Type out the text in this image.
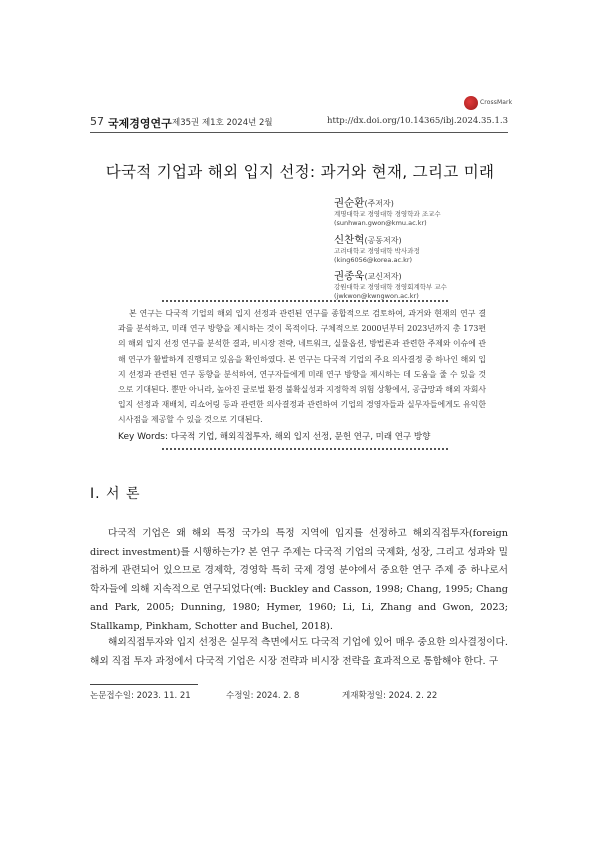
57 국제경영연구 제35권 제1호 2024년 2월	http://dx.doi.org/10.14365/ibj.2024.35.1.3
CrossMark
다국적 기업과 해외 입지 선정: 과거와 현재, 그리고 미래
권순환(주저자)
계명대학교 경영대학 경영학과 조교수
(sunhwan.gwon@kmu.ac.kr)
신찬혁(공동저자)
고려대학교 경영대학 박사과정
(king6056@korea.ac.kr)
권종욱(교신저자)
강원대학교 경영대학 경영회계학부 교수
(jwkwon@kwngwon.ac.kr)
본 연구는 다국적 기업의 해외 입지 선정과 관련된 연구를 종합적으로 검토하여, 과거와 현재의 연구 결과를 분석하고, 미래 연구 방향을 제시하는 것이 목적이다. 구체적으로 2000년부터 2023년까지 총 173편의 해외 입지 선정 연구를 분석한 결과, 비시장 전략, 네트워크, 실물옵션, 방법론과 관련한 주제와 이슈에 관해 연구가 활발하게 진행되고 있음을 확인하였다. 본 연구는 다국적 기업의 주요 의사결정 중 하나인 해외 입지 선정과 관련된 연구 동향을 분석하여, 연구자들에게 미래 연구 방향을 제시하는 데 도움을 줄 수 있을 것으로 기대된다. 뿐만 아니라, 높아진 글로벌 환경 불확실성과 지정학적 위험 상황에서, 공급망과 해외 자회사 입지 선정과 재배치, 리쇼어링 등과 관련한 의사결정과 관련하여 기업의 경영자들과 실무자들에게도 유익한 시사점을 제공할 수 있을 것으로 기대된다.
Key Words: 다국적 기업, 해외직접투자, 해외 입지 선정, 문헌 연구, 미래 연구 방향
Ⅰ. 서 론
다국적 기업은 왜 해외 특정 국가의 특정 지역에 입지를 선정하고 해외직접투자(foreign direct investment)를 시행하는가? 본 연구 주제는 다국적 기업의 국제화, 성장, 그리고 성과와 밀접하게 관련되어 있으므로 경제학, 경영학 특히 국제 경영 분야에서 중요한 연구 주제 중 하나로서 학자들에 의해 지속적으로 연구되었다(예: Buckley and Casson, 1998; Chang, 1995; Chang and Park, 2005; Dunning, 1980; Hymer, 1960; Li, Li, Zhang and Gwon, 2023; Stallkamp, Pinkham, Schotter and Buchel, 2018).
해외직접투자와 입지 선정은 실무적 측면에서도 다국적 기업에 있어 매우 중요한 의사결정이다. 해외 직접 투자 과정에서 다국적 기업은 시장 전략과 비시장 전략을 효과적으로 통합해야 한다. 구
논문접수일: 2023. 11. 21	수정일: 2024. 2. 8	게재확정일: 2024. 2. 22
